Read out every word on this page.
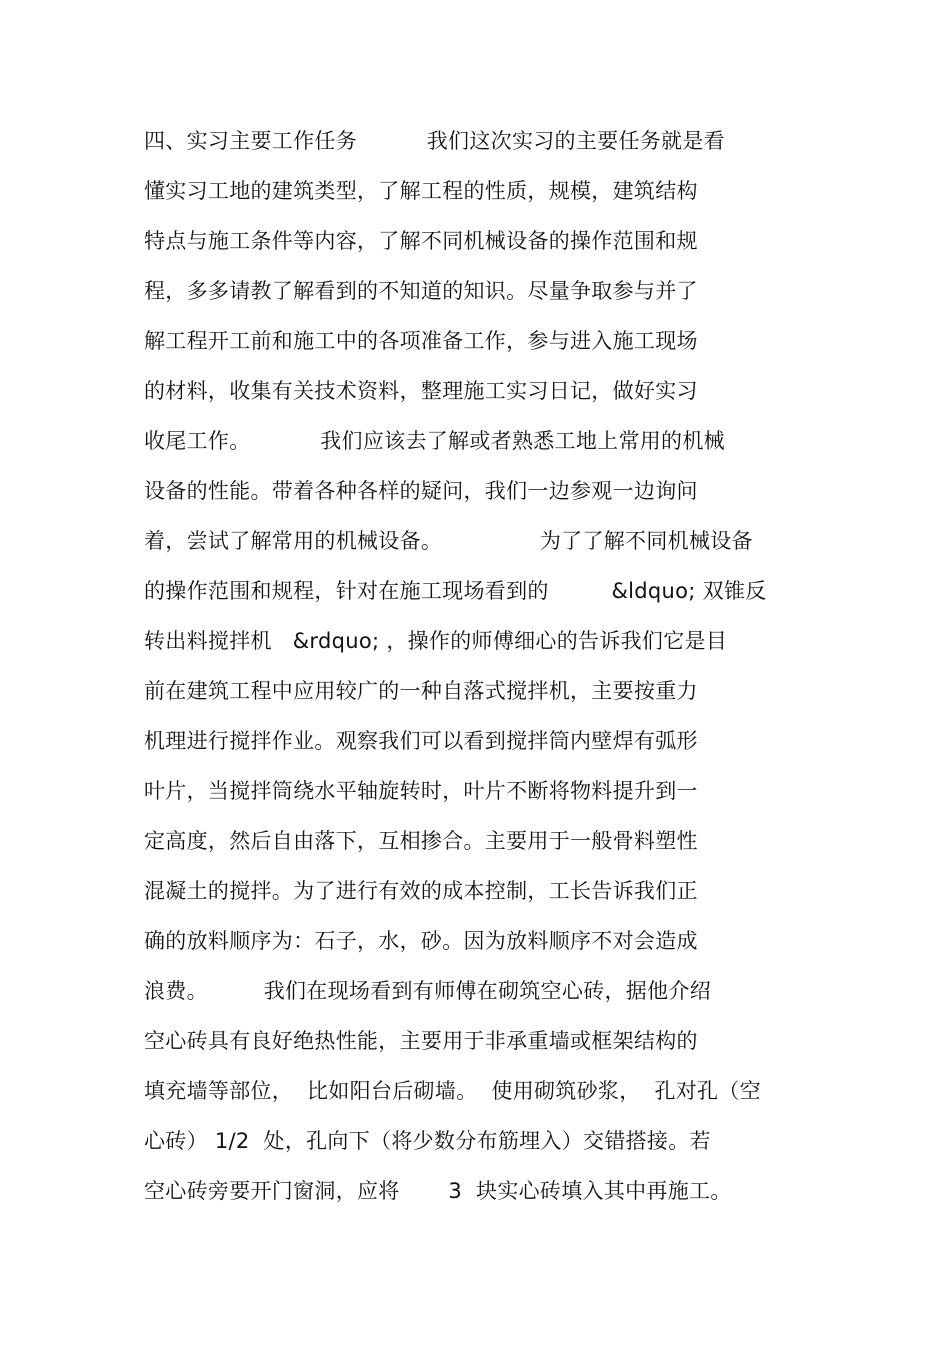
四、实习主要工作任务          我们这次实习的主要任务就是看
懂实习工地的建筑类型，了解工程的性质，规模，建筑结构
特点与施工条件等内容，了解不同机械设备的操作范围和规
程，多多请教了解看到的不知道的知识。尽量争取参与并了
解工程开工前和施工中的各项准备工作，参与进入施工现场
的材料，收集有关技术资料，整理施工实习日记，做好实习
收尾工作。          我们应该去了解或者熟悉工地上常用的机械
设备的性能。带着各种各样的疑问，我们一边参观一边询问
着，尝试了解常用的机械设备。              为了了解不同机械设备
的操作范围和规程，针对在施工现场看到的         &ldquo; 双锥反
转出料搅拌机   &rdquo; ，操作的师傅细心的告诉我们它是目
前在建筑工程中应用较广的一种自落式搅拌机，主要按重力
机理进行搅拌作业。观察我们可以看到搅拌筒内壁焊有弧形
叶片，当搅拌筒绕水平轴旋转时，叶片不断将物料提升到一
定高度，然后自由落下，互相掺合。主要用于一般骨料塑性
混凝土的搅拌。为了进行有效的成本控制，工长告诉我们正
确的放料顺序为：石子，水，砂。因为放料顺序不对会造成
浪费。        我们在现场看到有师傅在砌筑空心砖，据他介绍
空心砖具有良好绝热性能，主要用于非承重墙或框架结构的
填充墙等部位，  比如阳台后砌墙。  使用砌筑砂浆，  孔对孔（空
心砖） 1/2  处，孔向下（将少数分布筋埋入）交错搭接。若
空心砖旁要开门窗洞，应将       3  块实心砖填入其中再施工。
